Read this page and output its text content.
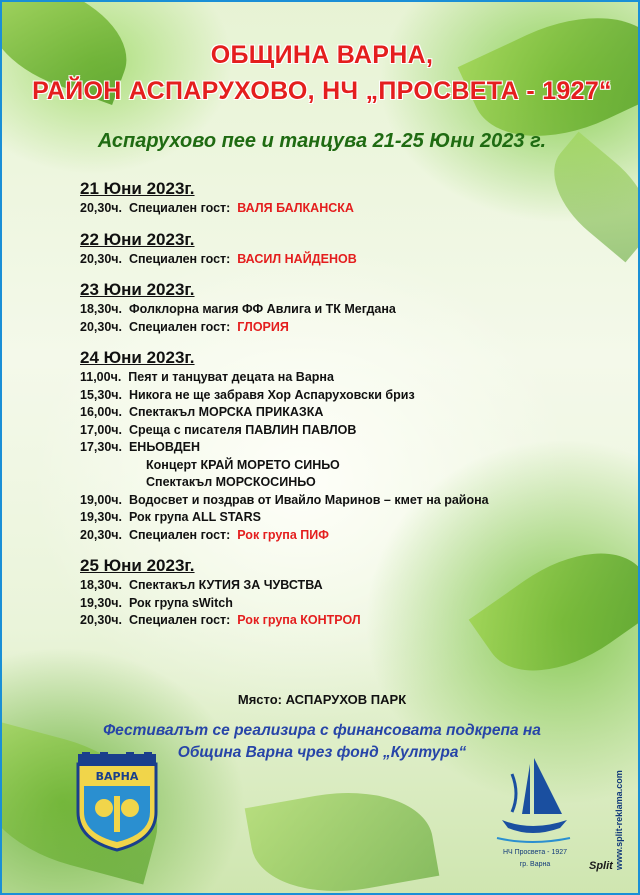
ОБЩИНА ВАРНА,
РАЙОН АСПАРУХОВО, НЧ „ПРОСВЕТА - 1927“
Аспарухово пее и танцува 21-25 Юни 2023 г.
21 Юни 2023г.
20,30ч. Специален гост: ВАЛЯ БАЛКАНСКА
22 Юни 2023г.
20,30ч. Специален гост: ВАСИЛ НАЙДЕНОВ
23 Юни 2023г.
18,30ч. Фолклорна магия ФФ Авлига и ТК Мегдана
20,30ч. Специален гост: ГЛОРИЯ
24 Юни 2023г.
11,00ч. Пеят и танцуват децата на Варна
15,30ч. Никога не ще забравя Хор Аспаруховски бриз
16,00ч. Спектакъл МОРСКА ПРИКАЗКА
17,00ч. Среща с писателя ПАВЛИН ПАВЛОВ
17,30ч. ЕНЬОВДЕН
Концерт КРАЙ МОРЕТО СИНЬО
Спектакъл МОРСКОСИНЬО
19,00ч. Водосвет и поздрав от Ивайло Маринов – кмет на района
19,30ч. Рок група ALL STARS
20,30ч. Специален гост: Рок група ПИФ
25 Юни 2023г.
18,30ч. Спектакъл КУТИЯ ЗА ЧУВСТВА
19,30ч. Рок група sWitch
20,30ч. Специален гост: Рок група КОНТРОЛ
Място: АСПАРУХОВ ПАРК
Фестивалът се реализира с финансовата подкрепа на
Община Варна чрез фонд „Култура“
ВАРНА
НЧ Просвета - 1927
гр. Варна	www.split-reklama.com
Split
